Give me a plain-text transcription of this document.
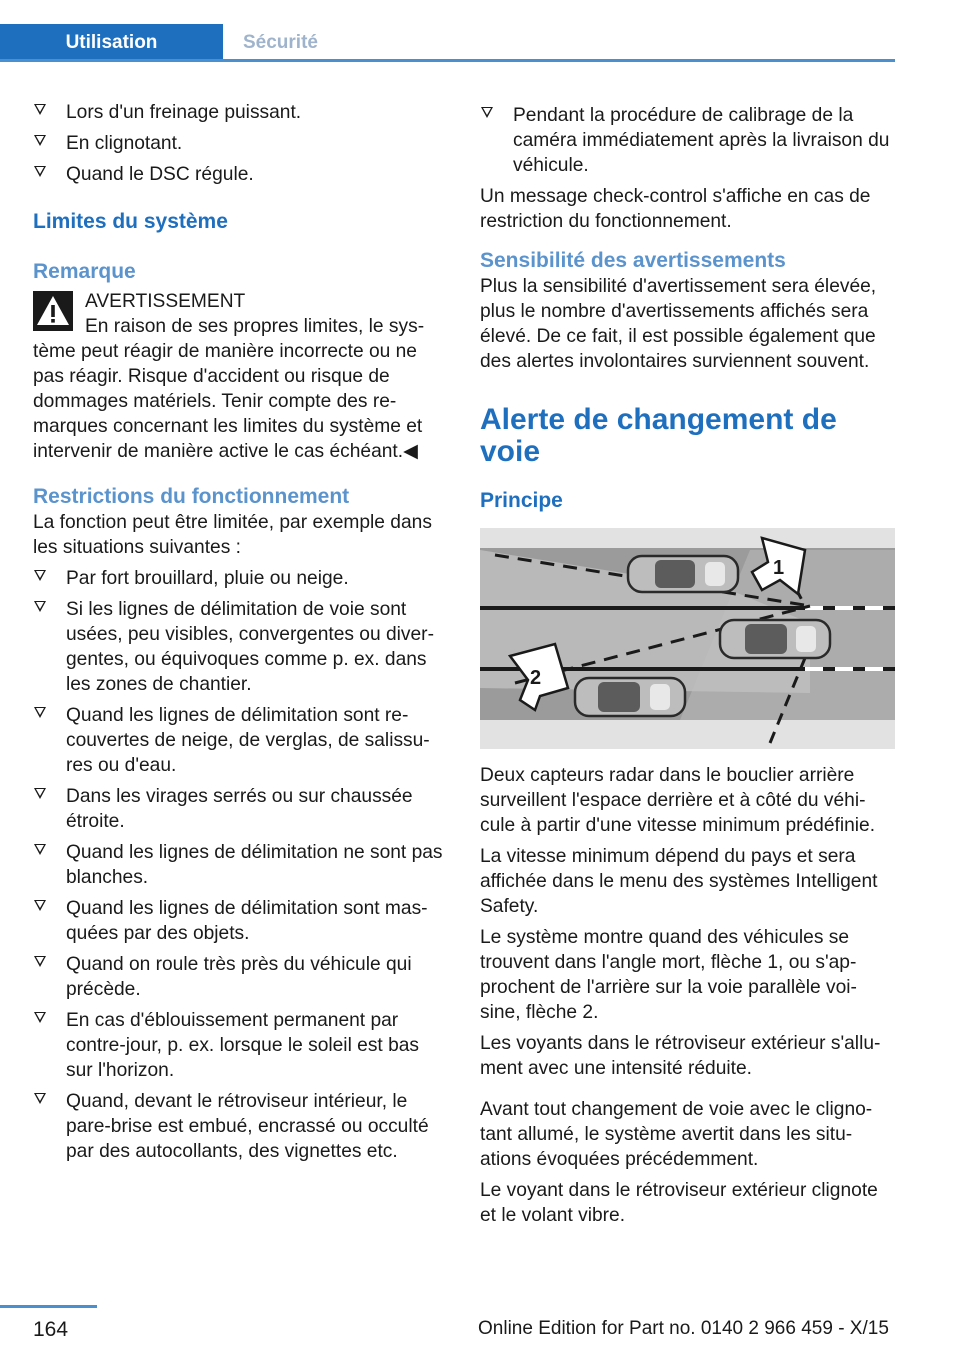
Utilisation	Sécurité
Lors d'un freinage puissant.
En clignotant.
Quand le DSC régule.
Limites du système
Remarque
AVERTISSEMENT
En raison de ses propres limites, le sys-
tème peut réagir de manière incorrecte ou ne pas réagir. Risque d'accident ou risque de dommages matériels. Tenir compte des re-marques concernant les limites du système et intervenir de manière active le cas échéant.◀
Restrictions du fonctionnement

La fonction peut être limitée, par exemple dans les situations suivantes :

Par fort brouillard, pluie ou neige.
Si les lignes de délimitation de voie sont usées, peu visibles, convergentes ou diver-gentes, ou équivoques comme p. ex. dans les zones de chantier.
Quand les lignes de délimitation sont re-couvertes de neige, de verglas, de salissu-res ou d'eau.
Dans les virages serrés ou sur chaussée étroite.
Quand les lignes de délimitation ne sont pas blanches.
Quand les lignes de délimitation sont mas-quées par des objets.
Quand on roule très près du véhicule qui précède.
En cas d'éblouissement permanent par contre-jour, p. ex. lorsque le soleil est bas sur l'horizon.
Quand, devant le rétroviseur intérieur, le pare-brise est embué, encrassé ou occulté par des autocollants, des vignettes etc.
Pendant la procédure de calibrage de la caméra immédiatement après la livraison du véhicule.

Un message check-control s'affiche en cas de restriction du fonctionnement.

Sensibilité des avertissements

Plus la sensibilité d'avertissement sera élevée, plus le nombre d'avertissements affichés sera élevé. De ce fait, il est possible également que des alertes involontaires surviennent souvent.

Alerte de changement de voie
Principe
1
2

Deux capteurs radar dans le bouclier arrière surveillent l'espace derrière et à côté du véhi-cule à partir d'une vitesse minimum prédéfinie.

La vitesse minimum dépend du pays et sera affichée dans le menu des systèmes Intelligent Safety.

Le système montre quand des véhicules se trouvent dans l'angle mort, flèche 1, ou s'ap-prochent de l'arrière sur la voie parallèle voi-sine, flèche 2.

Les voyants dans le rétroviseur extérieur s'allu-ment avec une intensité réduite.

Avant tout changement de voie avec le cligno-tant allumé, le système avertit dans les situ-ations évoquées précédemment.

Le voyant dans le rétroviseur extérieur clignote et le volant vibre.

164	Online Edition for Part no. 0140 2 966 459 - X/15
